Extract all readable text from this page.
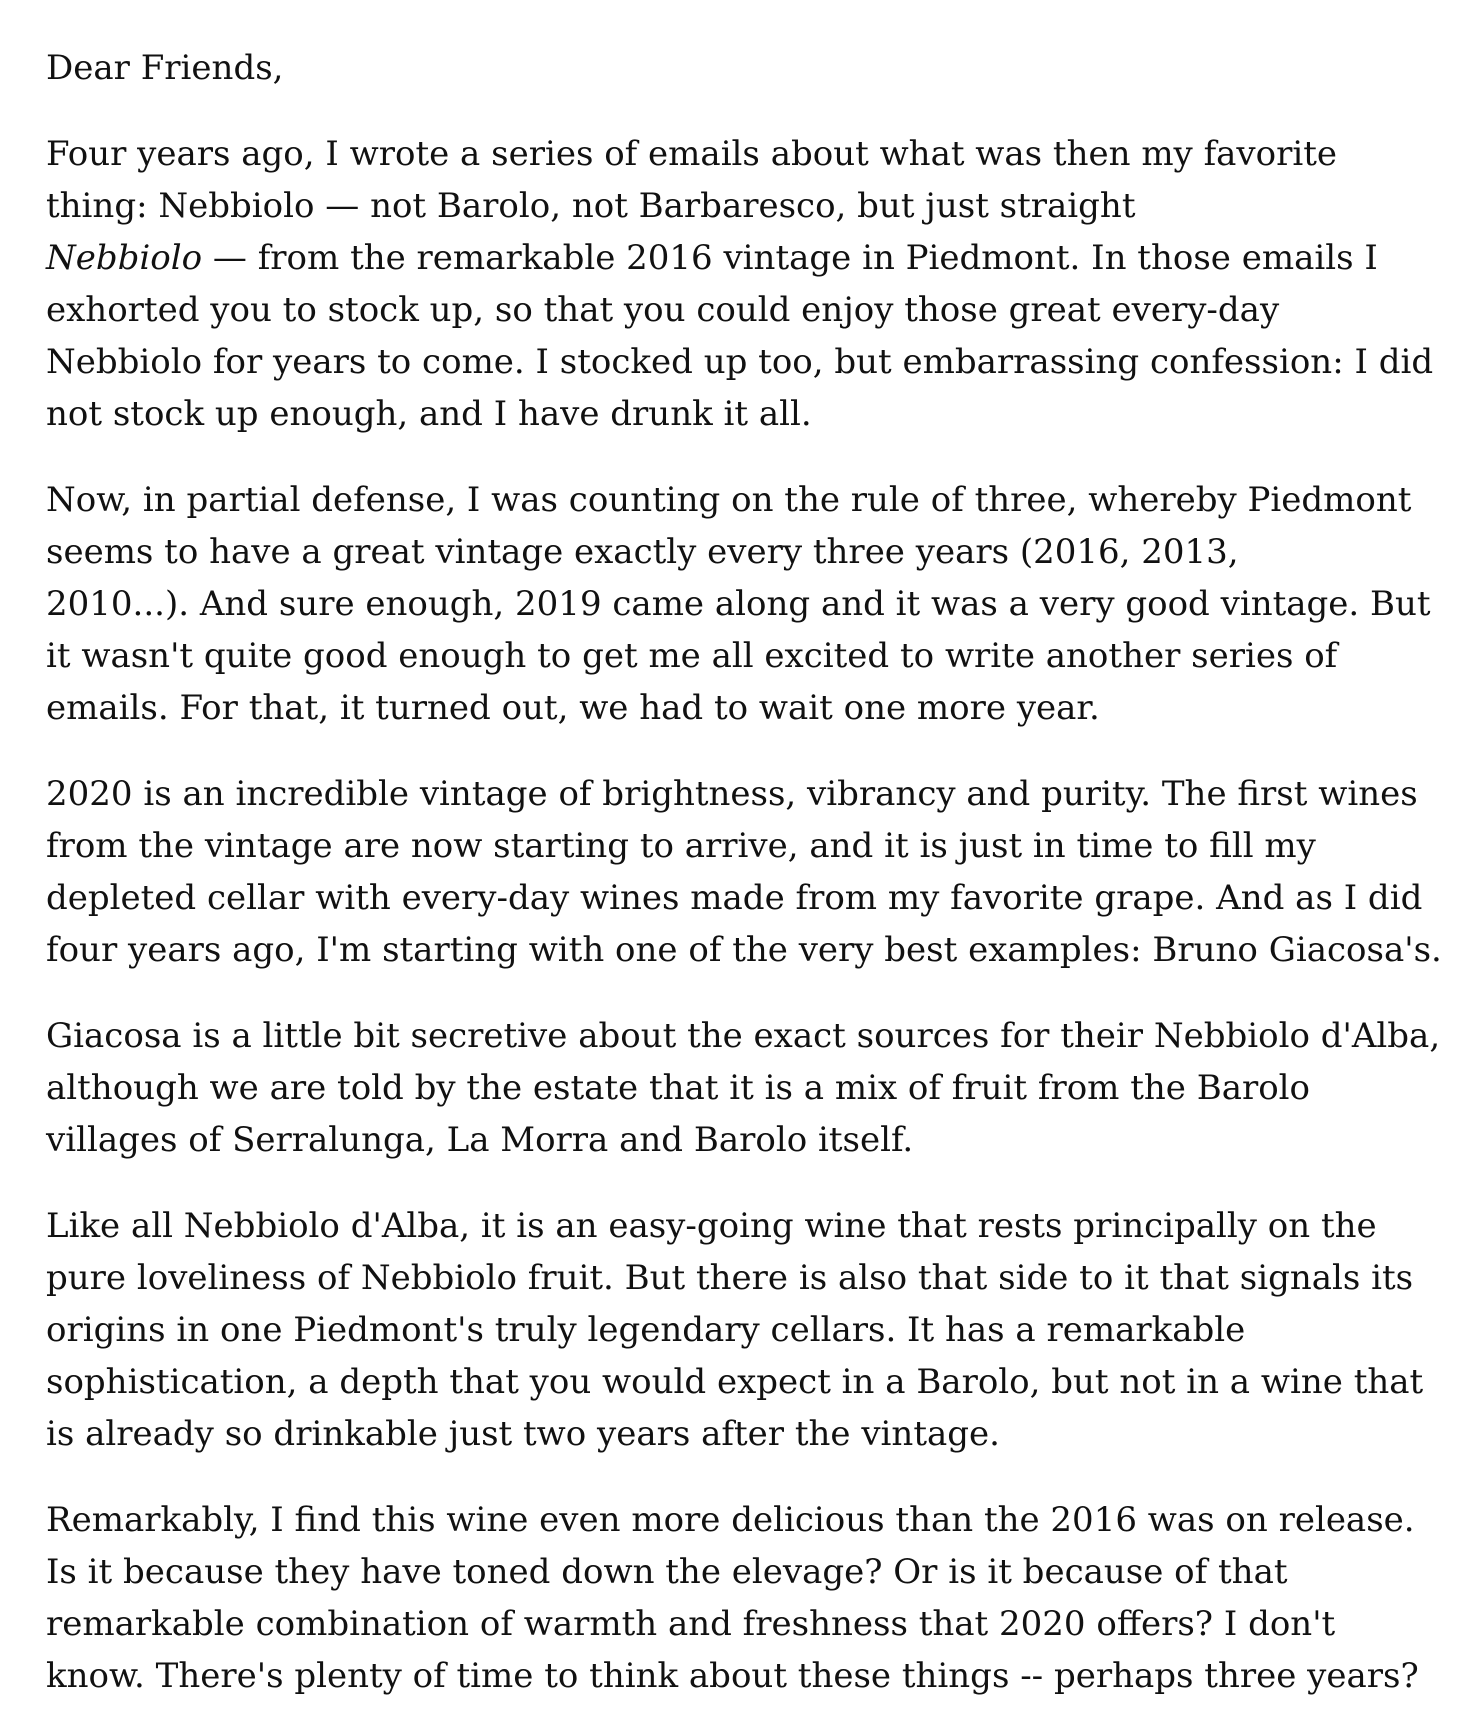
Dear Friends,

Four years ago, I wrote a series of emails about what was then my favorite
thing: Nebbiolo — not Barolo, not Barbaresco, but just straight
Nebbiolo — from the remarkable 2016 vintage in Piedmont. In those emails I
exhorted you to stock up, so that you could enjoy those great every-day
Nebbiolo for years to come. I stocked up too, but embarrassing confession: I did
not stock up enough, and I have drunk it all.

Now, in partial defense, I was counting on the rule of three, whereby Piedmont
seems to have a great vintage exactly every three years (2016, 2013,
2010...). And sure enough, 2019 came along and it was a very good vintage. But
it wasn't quite good enough to get me all excited to write another series of
emails. For that, it turned out, we had to wait one more year.

2020 is an incredible vintage of brightness, vibrancy and purity. The first wines
from the vintage are now starting to arrive, and it is just in time to fill my
depleted cellar with every-day wines made from my favorite grape. And as I did
four years ago, I'm starting with one of the very best examples: Bruno Giacosa's.

Giacosa is a little bit secretive about the exact sources for their Nebbiolo d'Alba,
although we are told by the estate that it is a mix of fruit from the Barolo
villages of Serralunga, La Morra and Barolo itself.

Like all Nebbiolo d'Alba, it is an easy-going wine that rests principally on the
pure loveliness of Nebbiolo fruit. But there is also that side to it that signals its
origins in one Piedmont's truly legendary cellars. It has a remarkable
sophistication, a depth that you would expect in a Barolo, but not in a wine that
is already so drinkable just two years after the vintage.

Remarkably, I find this wine even more delicious than the 2016 was on release.
Is it because they have toned down the elevage? Or is it because of that
remarkable combination of warmth and freshness that 2020 offers? I don't
know. There's plenty of time to think about these things -- perhaps three years?
